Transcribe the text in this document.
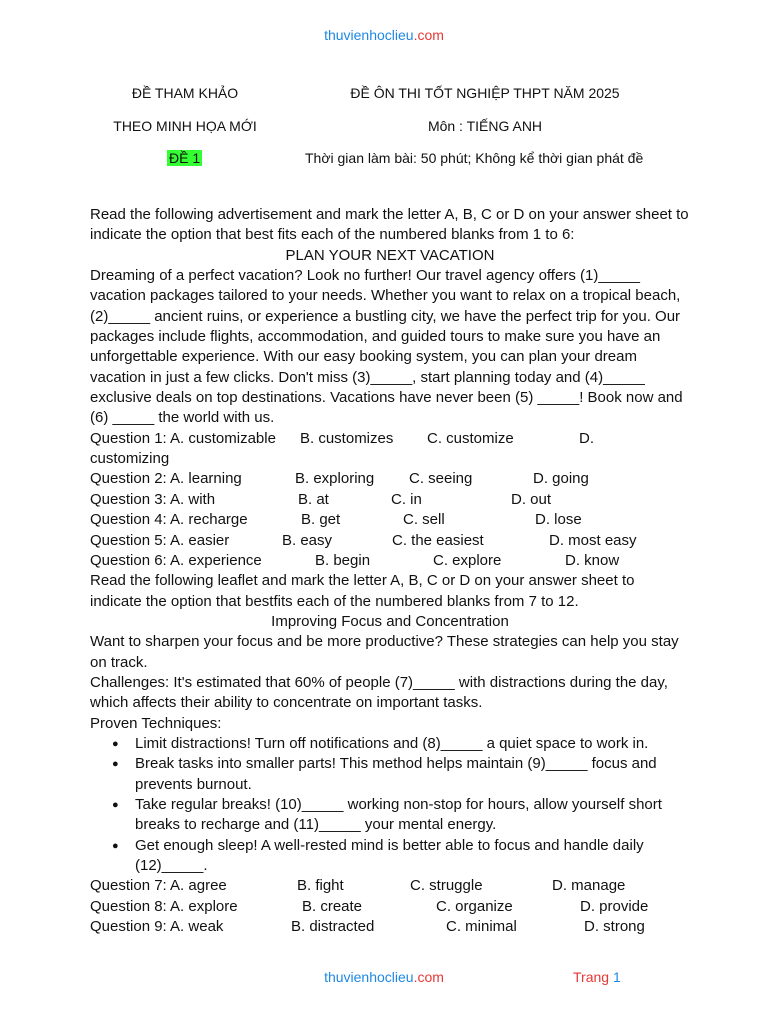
thuvienhoclieu.com
ĐỀ THAM KHẢO
THEO MINH HỌA MỚI
ĐỀ 1
ĐỀ ÔN THI TỐT NGHIỆP THPT NĂM 2025
Môn : TIẾNG ANH
Thời gian làm bài: 50 phút; Không kể thời gian phát đề

Read the following advertisement and mark the letter A, B, C or D on your answer sheet to indicate the option that best fits each of the numbered blanks from 1 to 6:

PLAN YOUR NEXT VACATION

Dreaming of a perfect vacation? Look no further! Our travel agency offers (1)_____ vacation packages tailored to your needs. Whether you want to relax on a tropical beach, (2)_____ ancient ruins, or experience a bustling city, we have the perfect trip for you. Our packages include flights, accommodation, and guided tours to make sure you have an unforgettable experience. With our easy booking system, you can plan your dream vacation in just a few clicks. Don't miss (3)_____, start planning today and (4)_____ exclusive deals on top destinations. Vacations have never been (5) _____! Book now and (6) _____ the world with us.

Question 1: A. customizable B. customizes C. customize	D.
customizing
Question 2: A. learning	B. exploring C. seeing	D. going
Question 3: A. with	B. at	C. in	D. out
Question 4: A. recharge	B. get	C. sell	D. lose
Question 5: A. easier	B. easy	C. the easiest	D. most easy
Question 6: A. experience	B. begin	C. explore	D. know

Read the following leaflet and mark the letter A, B, C or D on your answer sheet to indicate the option that bestfits each of the numbered blanks from 7 to 12.

Improving Focus and Concentration

Want to sharpen your focus and be more productive? These strategies can help you stay on track.

Challenges: It's estimated that 60% of people (7)_____ with distractions during the day, which affects their ability to concentrate on important tasks.

Proven Techniques:

● Limit distractions! Turn off notifications and (8)_____ a quiet space to work in.
● Break tasks into smaller parts! This method helps maintain (9)_____ focus and prevents burnout.
● Take regular breaks! (10)_____ working non-stop for hours, allow yourself short breaks to recharge and (11)_____ your mental energy.
● Get enough sleep! A well-rested mind is better able to focus and handle daily (12)_____.
Question 7: A. agree	B. fight	C. struggle	D. manage
Question 8: A. explore	B. create	C. organize	D. provide
Question 9: A. weak	B. distracted	C. minimal	D. strong
thuvienhoclieu.com	Trang 1
